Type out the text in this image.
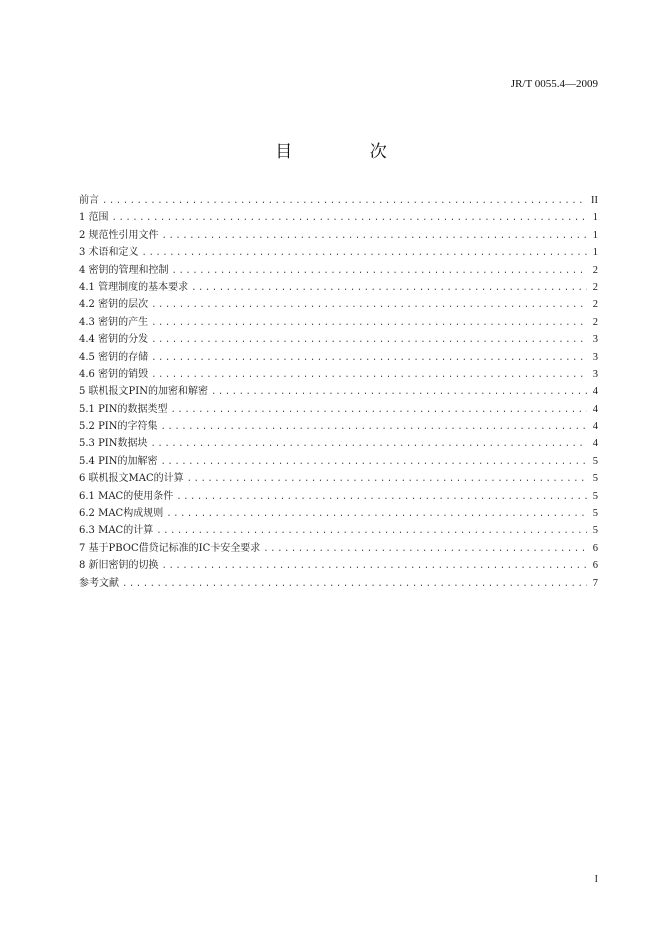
JR/T 0055.4—2009
目 次
前言 .....	II
1 范围 .....	1
2 规范性引用文件 .....	1
3 术语和定义 .....	1
4 密钥的管理和控制 .....	2
4.1 管理制度的基本要求 .....	2
4.2 密钥的层次 .....	2
4.3 密钥的产生 .....	2
4.4 密钥的分发 .....	3
4.5 密钥的存储 .....	3
4.6 密钥的销毁 .....	3
5 联机报文PIN的加密和解密 .....	4
5.1 PIN的数据类型 .....	4
5.2 PIN的字符集 .....	4
5.3 PIN数据块 .....	4
5.4 PIN的加解密 .....	5
6 联机报文MAC的计算 .....	5
6.1 MAC的使用条件 .....	5
6.2 MAC构成规则 .....	5
6.3 MAC的计算 .....	5
7 基于PBOC借贷记标准的IC卡安全要求 .....	6
8 新旧密钥的切换 .....	6
参考文献 .....	7
I
